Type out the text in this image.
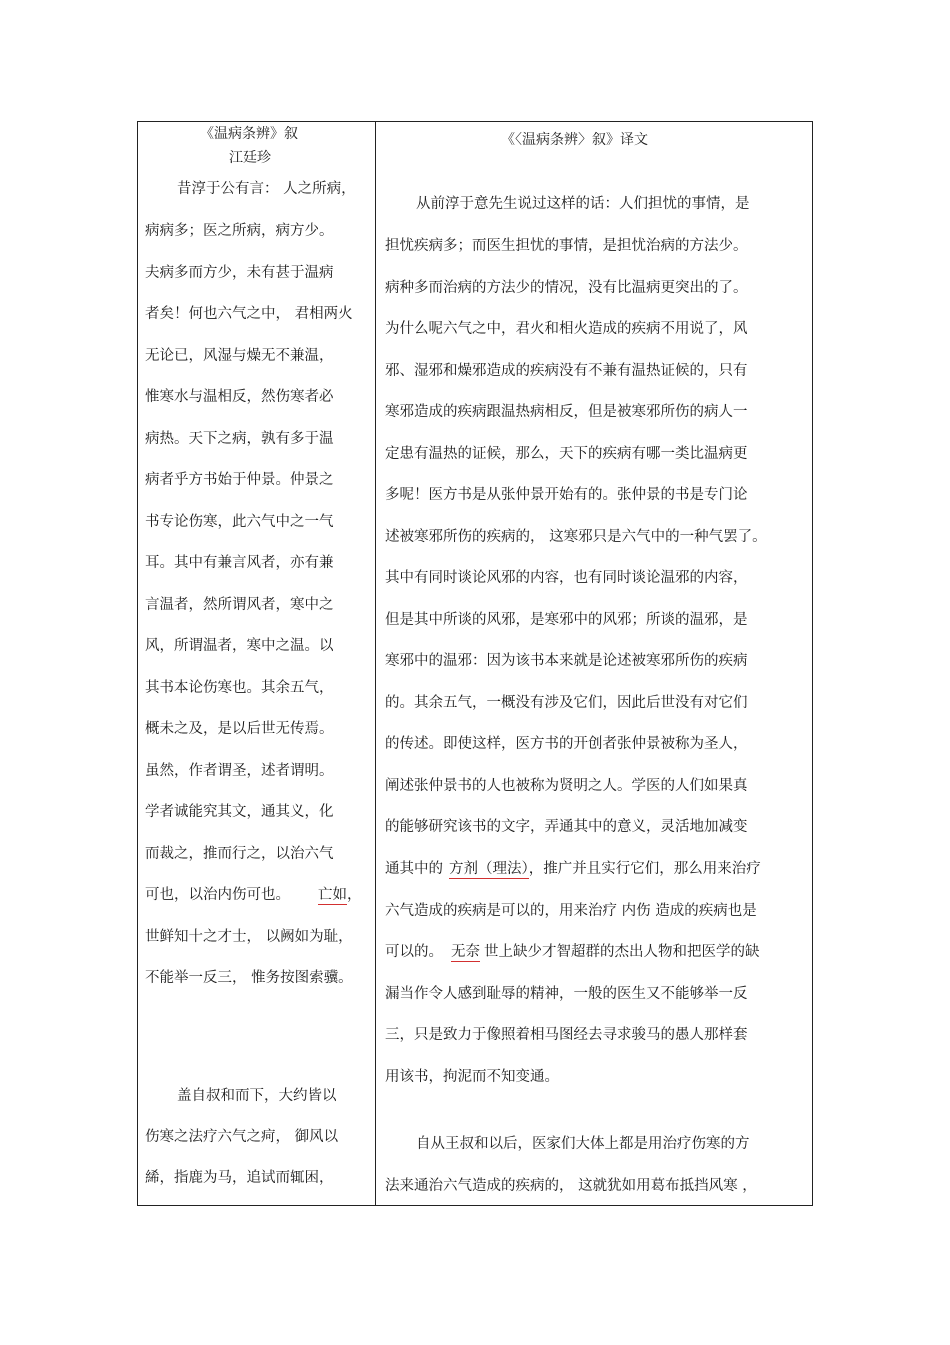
《温病条辨》叙
江廷珍
昔淳于公有言： 人之所病，
病病多；医之所病，病方少。
夫病多而方少，未有甚于温病
者矣！何也六气之中， 君相两火
无论已，风湿与燥无不兼温，
惟寒水与温相反，然伤寒者必
病热。天下之病，孰有多于温
病者乎方书始于仲景。仲景之
书专论伤寒，此六气中之一气
耳。其中有兼言风者，亦有兼
言温者，然所谓风者，寒中之
风，所谓温者，寒中之温。以
其书本论伤寒也。其余五气，
概未之及，是以后世无传焉。
虽然，作者谓圣，述者谓明。
学者诚能究其文，通其义，化
而裁之，推而行之，以治六气
可也，以治内伤可也。 亡如，
世鲜知十之才士， 以阙如为耻，
不能举一反三， 惟务按图索骥。
盖自叔和而下，大约皆以
伤寒之法疗六气之疴， 御风以
絺，指鹿为马，追试而辄困，
《〈温病条辨〉叙》译文
从前淳于意先生说过这样的话：人们担忧的事情，是
担忧疾病多；而医生担忧的事情，是担忧治病的方法少。
病种多而治病的方法少的情况，没有比温病更突出的了。
为什么呢六气之中，君火和相火造成的疾病不用说了，风
邪、湿邪和燥邪造成的疾病没有不兼有温热证候的，只有
寒邪造成的疾病跟温热病相反，但是被寒邪所伤的病人一
定患有温热的证候，那么，天下的疾病有哪一类比温病更
多呢！医方书是从张仲景开始有的。张仲景的书是专门论
述被寒邪所伤的疾病的， 这寒邪只是六气中的一种气罢了。
其中有同时谈论风邪的内容，也有同时谈论温邪的内容，
但是其中所谈的风邪，是寒邪中的风邪；所谈的温邪，是
寒邪中的温邪：因为该书本来就是论述被寒邪所伤的疾病
的。其余五气，一概没有涉及它们，因此后世没有对它们
的传述。即使这样，医方书的开创者张仲景被称为圣人，
阐述张仲景书的人也被称为贤明之人。学医的人们如果真
的能够研究该书的文字，弄通其中的意义，灵活地加减变
通其中的 方剂（理法），推广并且实行它们，那么用来治疗
六气造成的疾病是可以的，用来治疗 内伤 造成的疾病也是
可以的。 无奈 世上缺少才智超群的杰出人物和把医学的缺
漏当作令人感到耻辱的精神，一般的医生又不能够举一反
三，只是致力于像照着相马图经去寻求骏马的愚人那样套
用该书，拘泥而不知变通。
自从王叔和以后，医家们大体上都是用治疗伤寒的方
法来通治六气造成的疾病的， 这就犹如用葛布抵挡风寒 ，
